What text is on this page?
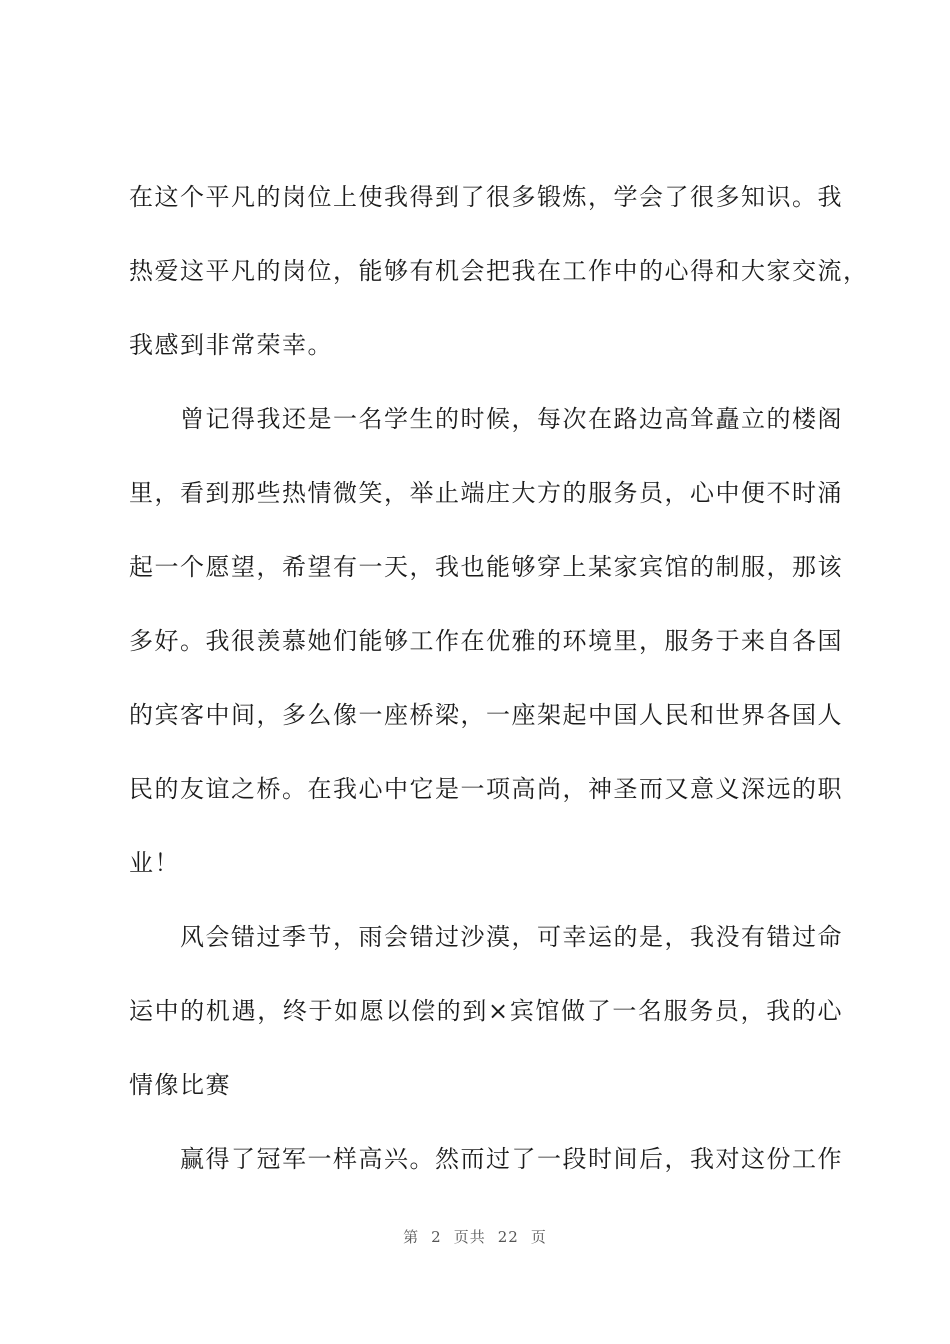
在这个平凡的岗位上使我得到了很多锻炼，学会了很多知识。我
热爱这平凡的岗位，能够有机会把我在工作中的心得和大家交流，
我感到非常荣幸。

曾记得我还是一名学生的时候，每次在路边高耸矗立的楼阁
里，看到那些热情微笑，举止端庄大方的服务员，心中便不时涌
起一个愿望，希望有一天，我也能够穿上某家宾馆的制服，那该
多好。我很羡慕她们能够工作在优雅的环境里，服务于来自各国
的宾客中间，多么像一座桥梁，一座架起中国人民和世界各国人
民的友谊之桥。在我心中它是一项高尚，神圣而又意义深远的职
业！

风会错过季节，雨会错过沙漠，可幸运的是，我没有错过命
运中的机遇，终于如愿以偿的到×宾馆做了一名服务员，我的心
情像比赛

赢得了冠军一样高兴。然而过了一段时间后，我对这份工作

第 2 页共 22 页
